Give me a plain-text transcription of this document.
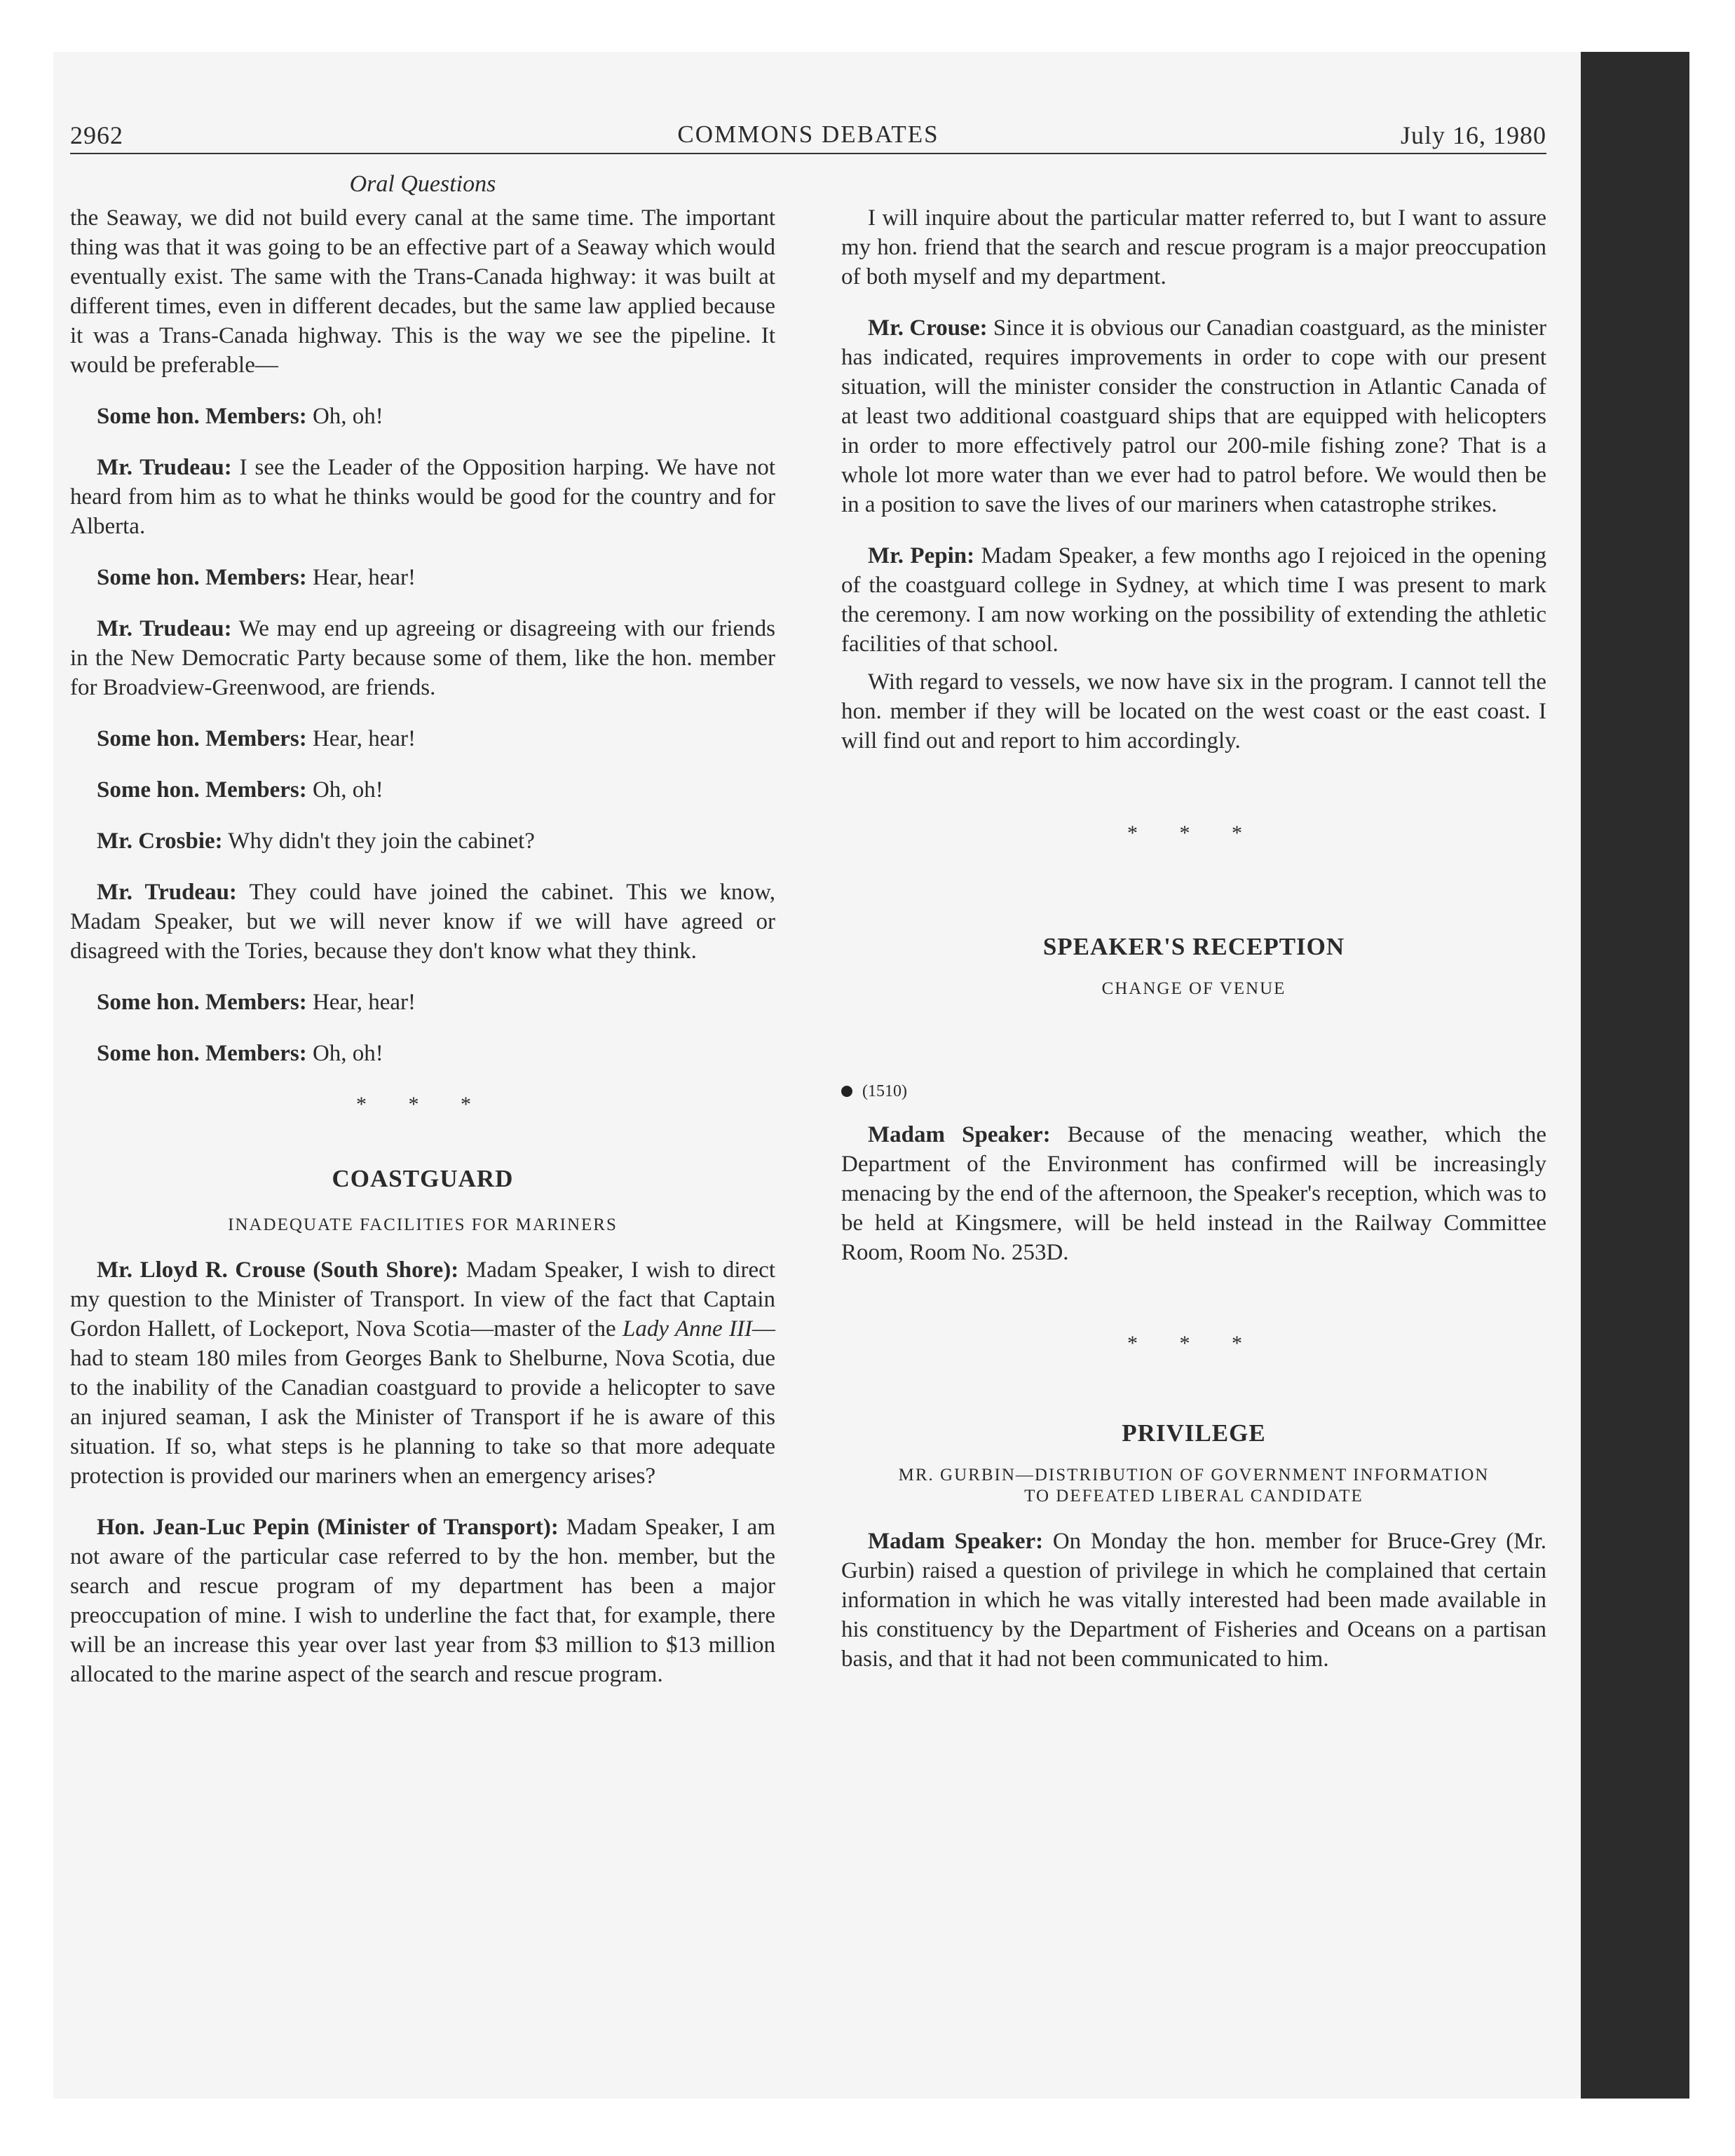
2962	COMMONS DEBATES	July 16, 1980
Oral Questions

the Seaway, we did not build every canal at the same time. The important thing was that it was going to be an effective part of a Seaway which would eventually exist. The same with the Trans-Canada highway: it was built at different times, even in different decades, but the same law applied because it was a Trans-Canada highway. This is the way we see the pipeline. It would be preferable—

Some hon. Members: Oh, oh!

Mr. Trudeau: I see the Leader of the Opposition harping. We have not heard from him as to what he thinks would be good for the country and for Alberta.

Some hon. Members: Hear, hear!

Mr. Trudeau: We may end up agreeing or disagreeing with our friends in the New Democratic Party because some of them, like the hon. member for Broadview-Greenwood, are friends.

Some hon. Members: Hear, hear!

Some hon. Members: Oh, oh!

Mr. Crosbie: Why didn't they join the cabinet?

Mr. Trudeau: They could have joined the cabinet. This we know, Madam Speaker, but we will never know if we will have agreed or disagreed with the Tories, because they don't know what they think.

Some hon. Members: Hear, hear!

Some hon. Members: Oh, oh!

* * *
COASTGUARD
INADEQUATE FACILITIES FOR MARINERS

Mr. Lloyd R. Crouse (South Shore): Madam Speaker, I wish to direct my question to the Minister of Transport. In view of the fact that Captain Gordon Hallett, of Lockeport, Nova Scotia—master of the Lady Anne III—had to steam 180 miles from Georges Bank to Shelburne, Nova Scotia, due to the inability of the Canadian coastguard to provide a helicopter to save an injured seaman, I ask the Minister of Transport if he is aware of this situation. If so, what steps is he planning to take so that more adequate protection is provided our mariners when an emergency arises?

Hon. Jean-Luc Pepin (Minister of Transport): Madam Speaker, I am not aware of the particular case referred to by the hon. member, but the search and rescue program of my department has been a major preoccupation of mine. I wish to underline the fact that, for example, there will be an increase this year over last year from $3 million to $13 million allocated to the marine aspect of the search and rescue program.

I will inquire about the particular matter referred to, but I want to assure my hon. friend that the search and rescue program is a major preoccupation of both myself and my department.

Mr. Crouse: Since it is obvious our Canadian coastguard, as the minister has indicated, requires improvements in order to cope with our present situation, will the minister consider the construction in Atlantic Canada of at least two additional coastguard ships that are equipped with helicopters in order to more effectively patrol our 200-mile fishing zone? That is a whole lot more water than we ever had to patrol before. We would then be in a position to save the lives of our mariners when catastrophe strikes.

Mr. Pepin: Madam Speaker, a few months ago I rejoiced in the opening of the coastguard college in Sydney, at which time I was present to mark the ceremony. I am now working on the possibility of extending the athletic facilities of that school.

With regard to vessels, we now have six in the program. I cannot tell the hon. member if they will be located on the west coast or the east coast. I will find out and report to him accordingly.

* * *
SPEAKER'S RECEPTION
CHANGE OF VENUE
(1510)

Madam Speaker: Because of the menacing weather, which the Department of the Environment has confirmed will be increasingly menacing by the end of the afternoon, the Speaker's reception, which was to be held at Kingsmere, will be held instead in the Railway Committee Room, Room No. 253D.

* * *
PRIVILEGE
MR. GURBIN—DISTRIBUTION OF GOVERNMENT INFORMATION
TO DEFEATED LIBERAL CANDIDATE

Madam Speaker: On Monday the hon. member for Bruce-Grey (Mr. Gurbin) raised a question of privilege in which he complained that certain information in which he was vitally interested had been made available in his constituency by the Department of Fisheries and Oceans on a partisan basis, and that it had not been communicated to him.
